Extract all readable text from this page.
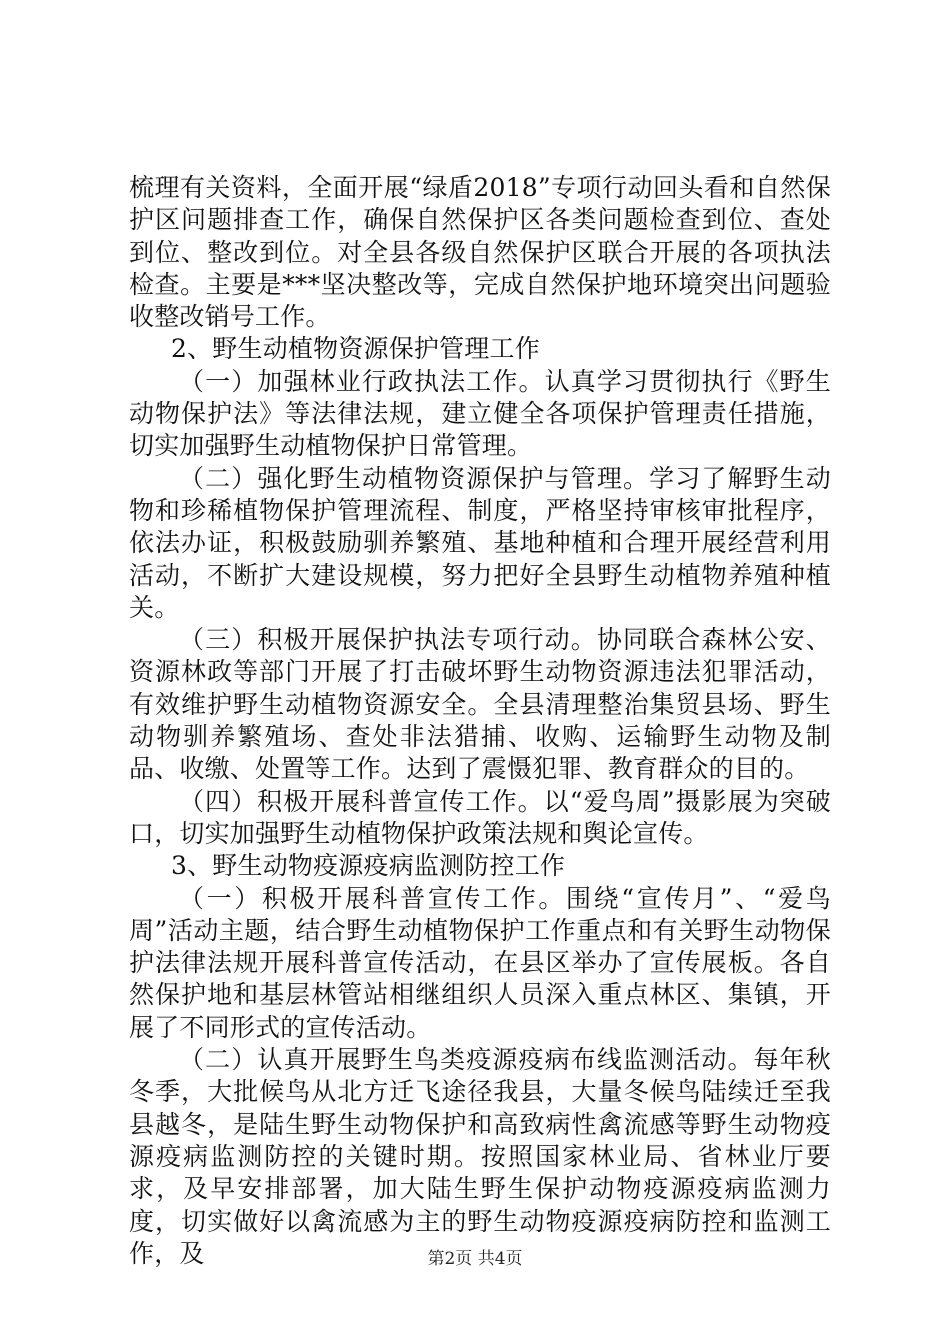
梳理有关资料，全面开展“绿盾2018”专项行动回头看和自然保护区问题排查工作，确保自然保护区各类问题检查到位、查处到位、整改到位。对全县各级自然保护区联合开展的各项执法检查。主要是***坚决整改等，完成自然保护地环境突出问题验收整改销号工作。

2、野生动植物资源保护管理工作

（一）加强林业行政执法工作。认真学习贯彻执行《野生动物保护法》等法律法规，建立健全各项保护管理责任措施，切实加强野生动植物保护日常管理。

（二）强化野生动植物资源保护与管理。学习了解野生动物和珍稀植物保护管理流程、制度，严格坚持审核审批程序，依法办证，积极鼓励驯养繁殖、基地种植和合理开展经营利用活动，不断扩大建设规模，努力把好全县野生动植物养殖种植关。

（三）积极开展保护执法专项行动。协同联合森林公安、资源林政等部门开展了打击破坏野生动物资源违法犯罪活动，有效维护野生动植物资源安全。全县清理整治集贸县场、野生动物驯养繁殖场、查处非法猎捕、收购、运输野生动物及制品、收缴、处置等工作。达到了震慑犯罪、教育群众的目的。

（四）积极开展科普宣传工作。以“爱鸟周”摄影展为突破口，切实加强野生动植物保护政策法规和舆论宣传。

3、野生动物疫源疫病监测防控工作

（一）积极开展科普宣传工作。围绕“宣传月”、“爱鸟周”活动主题，结合野生动植物保护工作重点和有关野生动物保护法律法规开展科普宣传活动，在县区举办了宣传展板。各自然保护地和基层林管站相继组织人员深入重点林区、集镇，开展了不同形式的宣传活动。

（二）认真开展野生鸟类疫源疫病布线监测活动。每年秋冬季，大批候鸟从北方迁飞途径我县，大量冬候鸟陆续迁至我县越冬，是陆生野生动物保护和高致病性禽流感等野生动物疫源疫病监测防控的关键时期。按照国家林业局、省林业厅要求，及早安排部署，加大陆生野生保护动物疫源疫病监测力度，切实做好以禽流感为主的野生动物疫源疫病防控和监测工作，及	第2页 共4页
